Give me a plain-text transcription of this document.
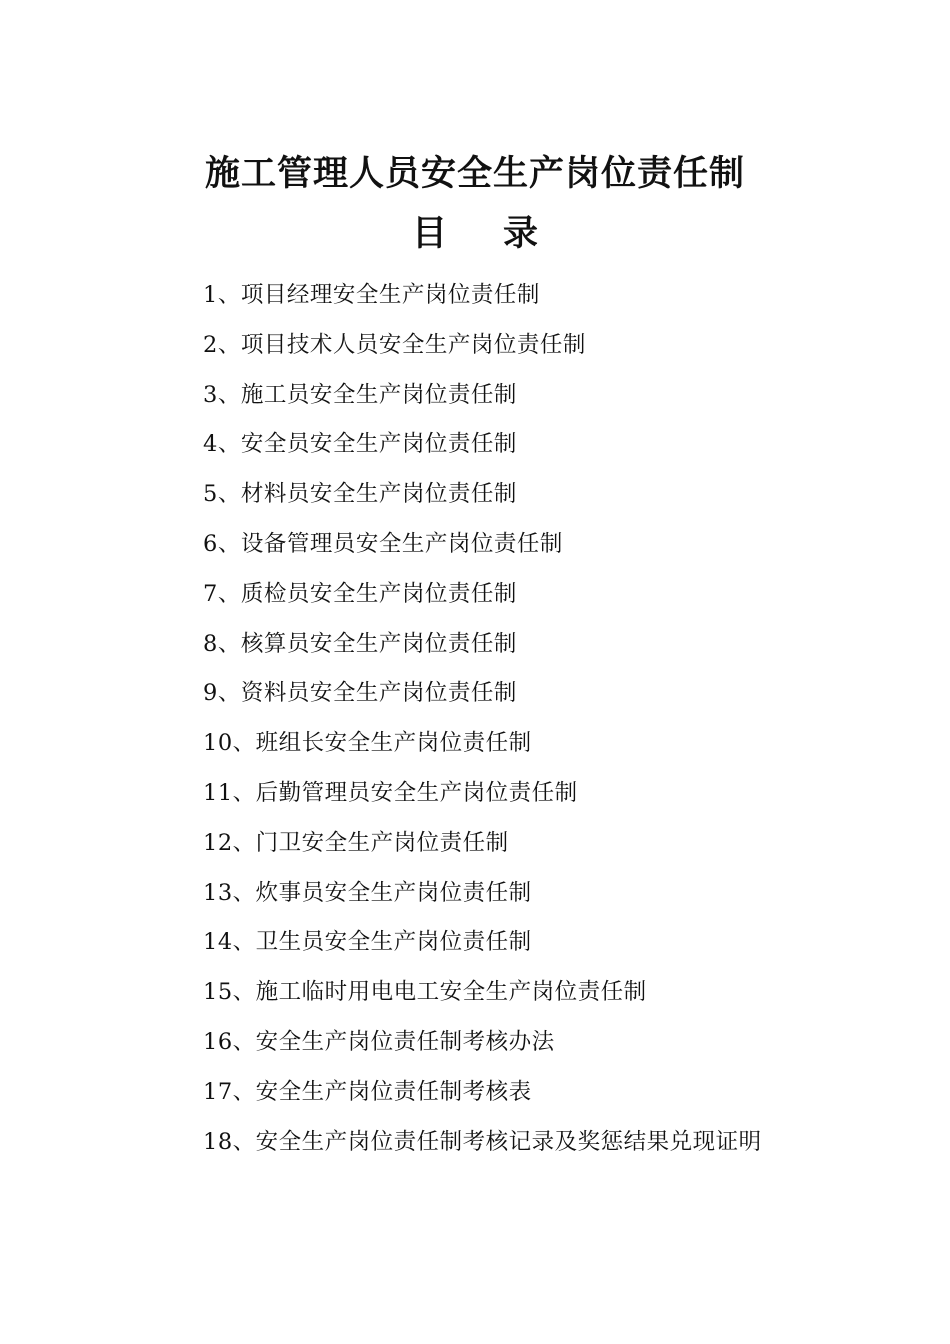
施工管理人员安全生产岗位责任制
目 录
1、项目经理安全生产岗位责任制
2、项目技术人员安全生产岗位责任制
3、施工员安全生产岗位责任制
4、安全员安全生产岗位责任制
5、材料员安全生产岗位责任制
6、设备管理员安全生产岗位责任制
7、质检员安全生产岗位责任制
8、核算员安全生产岗位责任制
9、资料员安全生产岗位责任制
10、班组长安全生产岗位责任制
11、后勤管理员安全生产岗位责任制
12、门卫安全生产岗位责任制
13、炊事员安全生产岗位责任制
14、卫生员安全生产岗位责任制
15、施工临时用电电工安全生产岗位责任制
16、安全生产岗位责任制考核办法
17、安全生产岗位责任制考核表
18、安全生产岗位责任制考核记录及奖惩结果兑现证明
